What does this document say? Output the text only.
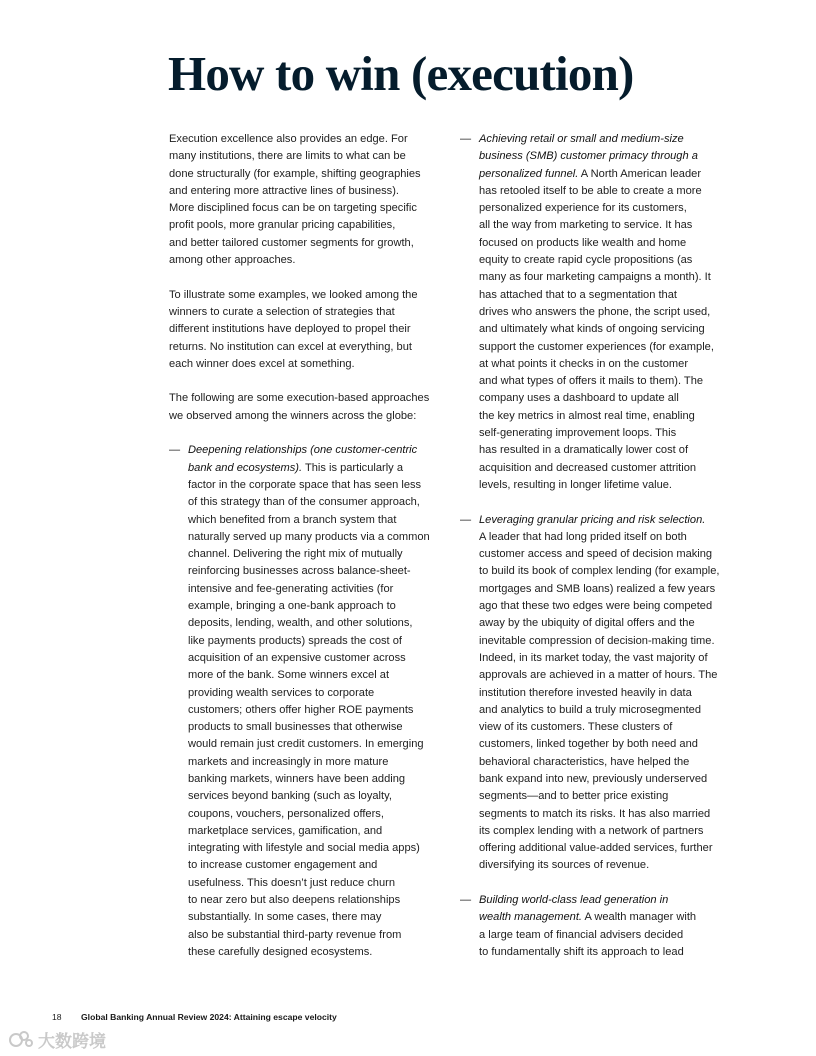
How to win (execution)

Execution excellence also provides an edge. For
many institutions, there are limits to what can be
done structurally (for example, shifting geographies
and entering more attractive lines of business).
More disciplined focus can be on targeting specific
profit pools, more granular pricing capabilities,
and better tailored customer segments for growth,
among other approaches.

To illustrate some examples, we looked among the
winners to curate a selection of strategies that
different institutions have deployed to propel their
returns. No institution can excel at everything, but
each winner does excel at something.

The following are some execution-based approaches
we observed among the winners across the globe:

— Deepening relationships (one customer-centric
bank and ecosystems). This is particularly a
factor in the corporate space that has seen less
of this strategy than of the consumer approach,
which benefited from a branch system that
naturally served up many products via a common
channel. Delivering the right mix of mutually
reinforcing businesses across balance-sheet-
intensive and fee-generating activities (for
example, bringing a one-bank approach to
deposits, lending, wealth, and other solutions,
like payments products) spreads the cost of
acquisition of an expensive customer across
more of the bank. Some winners excel at
providing wealth services to corporate
customers; others offer higher ROE payments
products to small businesses that otherwise
would remain just credit customers. In emerging
markets and increasingly in more mature
banking markets, winners have been adding
services beyond banking (such as loyalty,
coupons, vouchers, personalized offers,
marketplace services, gamification, and
integrating with lifestyle and social media apps)
to increase customer engagement and
usefulness. This doesn’t just reduce churn
to near zero but also deepens relationships
substantially. In some cases, there may
also be substantial third-party revenue from
these carefully designed ecosystems.
— Achieving retail or small and medium-size
business (SMB) customer primacy through a
personalized funnel. A North American leader
has retooled itself to be able to create a more
personalized experience for its customers,
all the way from marketing to service. It has
focused on products like wealth and home
equity to create rapid cycle propositions (as
many as four marketing campaigns a month). It
has attached that to a segmentation that
drives who answers the phone, the script used,
and ultimately what kinds of ongoing servicing
support the customer experiences (for example,
at what points it checks in on the customer
and what types of offers it mails to them). The
company uses a dashboard to update all
the key metrics in almost real time, enabling
self-generating improvement loops. This
has resulted in a dramatically lower cost of
acquisition and decreased customer attrition
levels, resulting in longer lifetime value.
— Leveraging granular pricing and risk selection.
A leader that had long prided itself on both
customer access and speed of decision making
to build its book of complex lending (for example,
mortgages and SMB loans) realized a few years
ago that these two edges were being competed
away by the ubiquity of digital offers and the
inevitable compression of decision-making time.
Indeed, in its market today, the vast majority of
approvals are achieved in a matter of hours. The
institution therefore invested heavily in data
and analytics to build a truly microsegmented
view of its customers. These clusters of
customers, linked together by both need and
behavioral characteristics, have helped the
bank expand into new, previously underserved
segments—and to better price existing
segments to match its risks. It has also married
its complex lending with a network of partners
offering additional value-added services, further
diversifying its sources of revenue.
— Building world-class lead generation in
wealth management. A wealth manager with
a large team of financial advisers decided
to fundamentally shift its approach to lead
18 Global Banking Annual Review 2024: Attaining escape velocity
大数跨境
